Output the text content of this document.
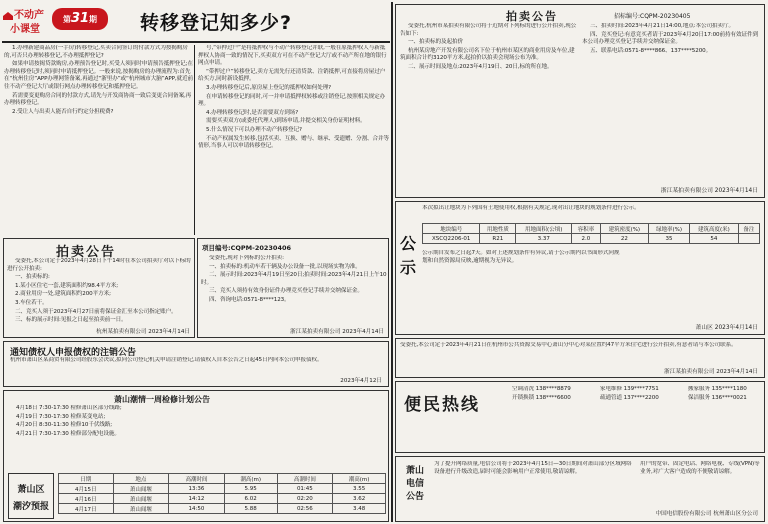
不动产
小课堂
第31期	转移登记知多少?

1.办理新建商品房(一手房)转移登记,买卖合同签订的付款方式为按揭购房的,可否只办理转移登记,不办理抵押登记?

如果申请按揭贷款购房,办理预告登记时,买受人须同时申请预告抵押登记;在办理转移登记时,须同时申请抵押登记。一般来说,按揭购房的办理流程为:首先在“杭州住房”APP办理网签备案,再通过“浙里办”或“杭州城市大脑”APP,就近前往不动产登记大厅或银行网点办理转移登记和抵押登记。

若需要变更购房合同的付款方式,请先与开发商协商一致后变更合同备案,再办理转移登记。

2.受让人与出卖人能否自行约定分担税费?

号,“带押过户”是将抵押权与不动产转移登记并联,一般在原抵押权人与新抵押权人协商一致的情况下,买卖双方可在不动产登记大厅或不动产所在地的银行网点申请。

“带押过户”转移登记,卖方无需先行还清贷款、注销抵押,可直接将房屋过户给买方,同时新设抵押。

3.办理转移登记后,原房屋上登记的抵押权如何处理?

在申请转移登记的同时,可一并申请抵押权转移或注销登记,按照相关规定办理。

4.办理转移登记时,是否需要双方到场?

需要买卖双方(或委托代理人)到场申请,并提交相关身份证明材料。

5.什么情况下可以办理不动产转移登记?

不动产权属发生转移,包括买卖、互换、赠与、继承、受遗赠、分割、合并等情形,当事人可以申请转移登记。

拍卖公告	招标编号:CQPM-20230405

受委托,杭州市某拍卖有限公司将于近期对下列标的进行公开拍卖,现公告如下:

一、拍卖标的及起拍价

杭州某房地产开发有限公司名下位于杭州市某区的商业用房及车位,建筑面积合计约3120平方米,起拍价以拍卖会现场公布为准。

二、展示时间及地点:2023年4月19日、20日,标的所在地。

三、拍卖时间:2023年4月21日14:00,地点:本公司拍卖厅。

四、竞买登记:有意竞买者请于2023年4月20日17:00前持有效证件到本公司办理竞买登记手续并交纳保证金。

五、联系电话:0571-8****866、137****5200。

浙江某拍卖有限公司 2023年4月14日
公示
本次拟出让地块为下列国有土地使用权,根据有关规定,现对出让地块的规划条件进行公示。
地块编号	用地性质	用地面积(公顷)	容积率	建筑密度(%)	绿地率(%)	建筑高度(米)	备注
XSCQ2206-01	R21	3.37	2.0	22	35	54	
公示期自发布之日起7天。如对上述规划条件有异议,请于公示期内以书面形式向规划和自然资源局反映,逾期视为无异议。
萧山区 2023年4月14日
拍卖公告

受委托,本公司定于2023年4月28日下午14时在本公司拍卖厅对以下标的进行公开拍卖:

一、拍卖标的:

1.某小区住宅一套,建筑面积约98.4平方米;

2.商业用房一处,建筑面积约200平方米;

3.车位若干。

二、竞买人须于2023年4月27日前将保证金汇至本公司指定账户。

三、标的展示时间:见报之日起至拍卖前一日。

杭州某拍卖有限公司 2023年4月14日
项目编号:CQPM-20230406

受委托,现对下列标的公开拍卖:

一、拍卖标的:机动车若干辆及办公设备一批,以现场实物为准。

二、展示时间:2023年4月19日至20日;拍卖时间:2023年4月21日上午10时。

三、竞买人须持有效身份证件办理竞买登记手续并交纳保证金。

四、咨询电话:0571-8****123。

浙江某拍卖有限公司 2023年4月14日
通知债权人申报债权的注销公告
杭州市萧山区某商贸有限公司经股东会决议,拟向公司登记机关申请注销登记,请债权人自本公告之日起45日内向本公司申报债权。
2023年4月12日
受委托,本公司定于2023年4月21日在杭州市公共资源交易中心萧山分中心对某位置约47平方米住宅进行公开拍卖,有意者请与本公司联系。
浙江某拍卖有限公司 2023年4月14日
萧山潮情一周检修计划公告

4月18日 7:30-17:30 检修萧山区部分线路;

4月19日 7:30-17:30 检修某变电站;

4月20日 8:30-11:30 检修10千伏线路;

4月21日 7:30-17:30 检修部分配电设施。

萧山区
潮汐预报
日期	地点	高潮时间	潮高(m)	高潮时间	潮高(m)
4月15日	萧山闻堰	13:36	5.95	01:45	3.55
4月16日	萧山闻堰	14:12	6.02	02:20	3.62
4月17日	萧山闻堰	14:50	5.88	02:56	3.48
便民热线

空调清洗 138****8879

开锁换锁 138****6600

家电维修 139****7751

疏通管道 137****2200

搬家服务 135****1180

保洁服务 136****0021

萧山
电信
公告
为了提升网络质量,电信公司将于2023年4月15日—30日期间对萧山部分区域网络设备进行升级改造,届时可能会影响用户正常使用,敬请谅解。
用户的宽带、固定电话、网络电视、专线(VPN)等业务,对广大客户造成的不便敬请谅解。
中国电信股份有限公司 杭州萧山区分公司
